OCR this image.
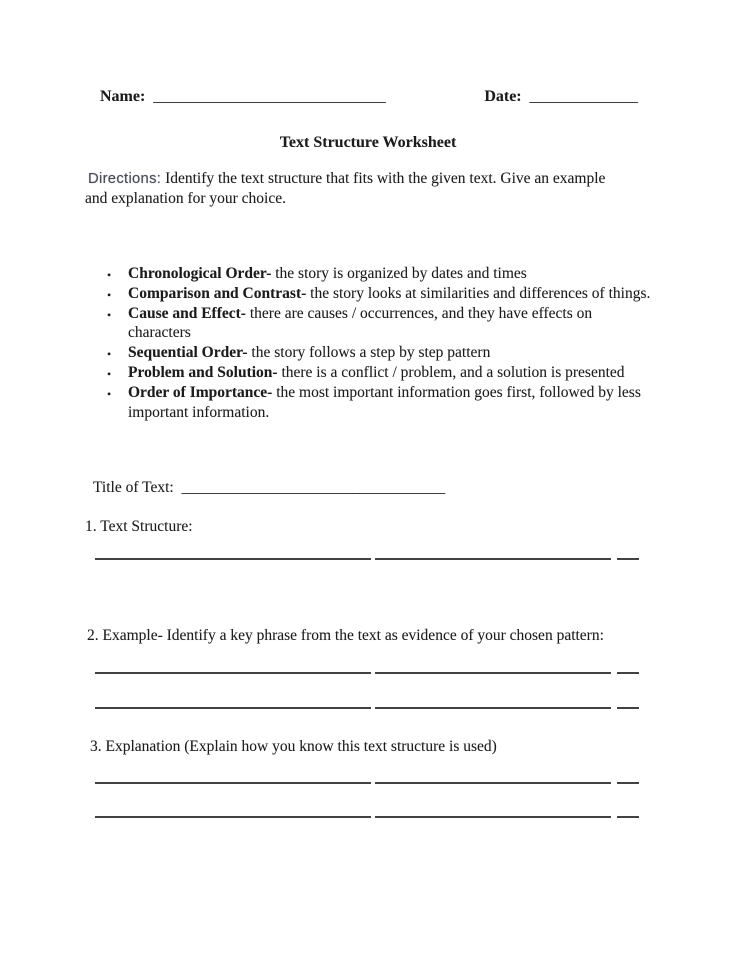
Name: ______________________________	Date: ______________
Text Structure Worksheet

Directions: Identify the text structure that fits with the given text. Give an example and explanation for your choice.

• Chronological Order- the story is organized by dates and times
• Comparison and Contrast- the story looks at similarities and differences of things.
• Cause and Effect- there are causes / occurrences, and they have effects on characters
• Sequential Order- the story follows a step by step pattern
• Problem and Solution- there is a conflict / problem, and a solution is presented
• Order of Importance- the most important information goes first, followed by less important information.

Title of Text: __________________________________

1. Text Structure:

2. Example- Identify a key phrase from the text as evidence of your chosen pattern:

3. Explanation (Explain how you know this text structure is used)
